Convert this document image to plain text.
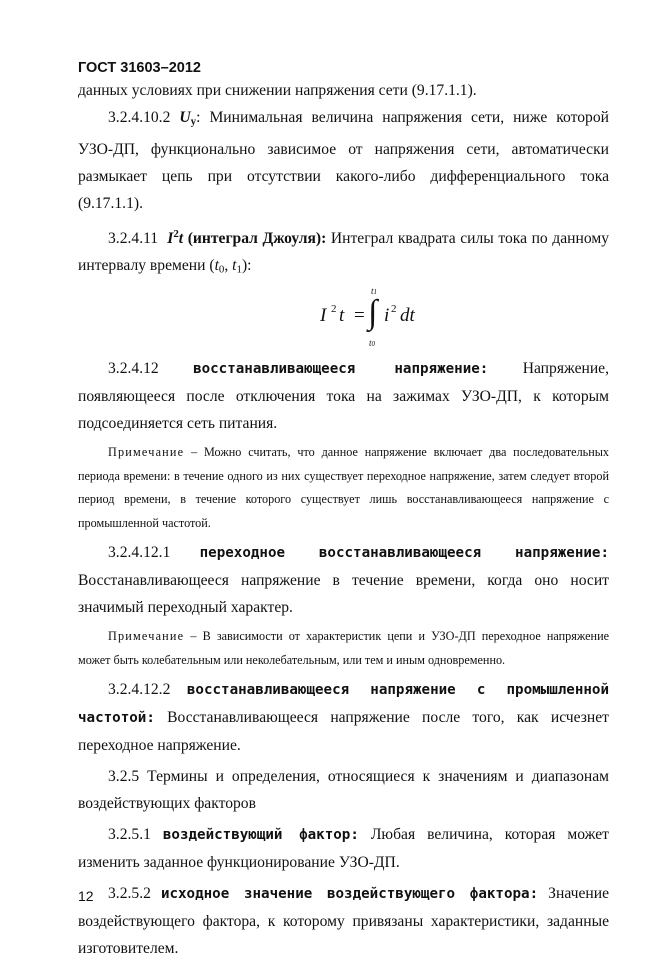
ГОСТ 31603–2012

данных условиях при снижении напряжения сети (9.17.1.1).

3.2.4.10.2 $U_y$: Минимальная величина напряжения сети, ниже которой УЗО-ДП, функционально зависимое от напряжения сети, автоматически размыкает цепь при отсутствии какого-либо дифференциального тока (9.17.1.1).

3.2.4.11 $I^2t$ (интеграл Джоуля): Интеграл квадрата силы тока по данному интервалу времени ($t_0$, $t_1$):

I 2 t = ∫
t1
t0
i 2 dt

3.2.4.12 восстанавливающееся напряжение: Напряжение, появляющееся после отключения тока на зажимах УЗО-ДП, к которым подсоединяется сеть питания.

Примечание – Можно считать, что данное напряжение включает два последовательных периода времени: в течение одного из них существует переходное напряжение, затем следует второй период времени, в течение которого существует лишь восстанавливающееся напряжение с промышленной частотой.

3.2.4.12.1 переходное восстанавливающееся напряжение: Восстанавливающееся напряжение в течение времени, когда оно носит значимый переходный характер.

Примечание – В зависимости от характеристик цепи и УЗО-ДП переходное напряжение может быть колебательным или неколебательным, или тем и иным одновременно.

3.2.4.12.2 восстанавливающееся напряжение с промышленной частотой: Восстанавливающееся напряжение после того, как исчезнет переходное напряжение.

3.2.5 Термины и определения, относящиеся к значениям и диапазонам воздействующих факторов

3.2.5.1 воздействующий фактор: Любая величина, которая может изменить заданное функционирование УЗО-ДП.

3.2.5.2 исходное значение воздействующего фактора: Значение воздействующего фактора, к которому привязаны характеристики, заданные изготовителем.

12
